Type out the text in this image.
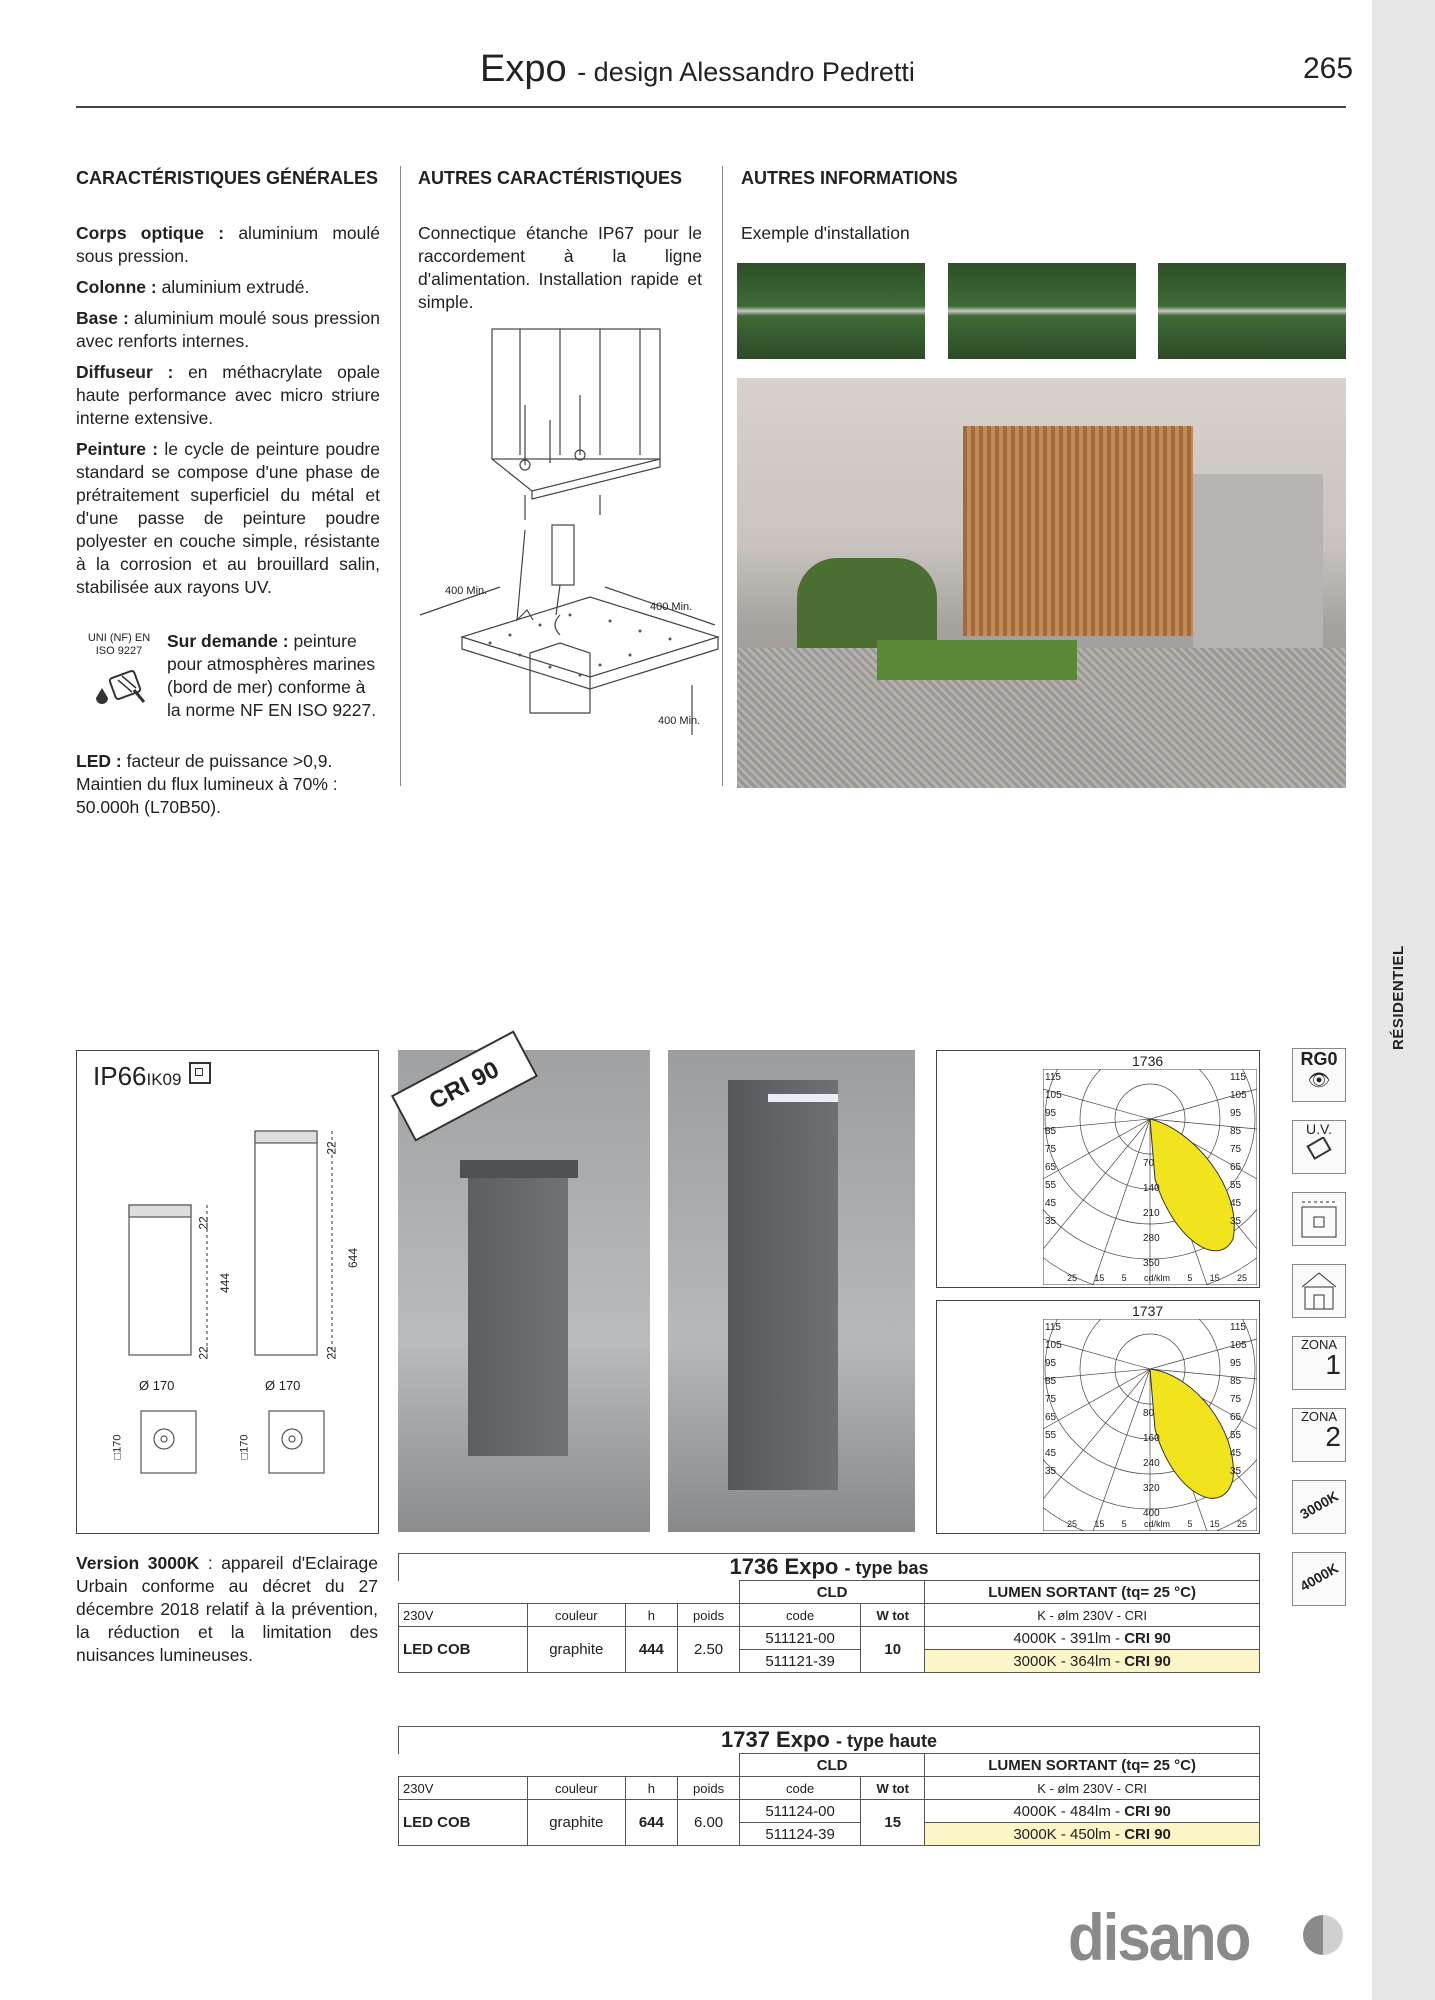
Expo - design Alessandro Pedretti	265
CARACTÉRISTIQUES GÉNÉRALES AUTRES CARACTÉRISTIQUES	AUTRES INFORMATIONS

Corps optique : aluminium moulé sous pression.

Colonne : aluminium extrudé.

Base : aluminium moulé sous pression avec renforts internes.

Diffuseur : en méthacrylate opale haute performance avec micro striure interne extensive.

Peinture : le cycle de peinture poudre standard se compose d'une phase de prétraitement superficiel du métal et d'une passe de peinture poudre polyester en couche simple, résistante à la corrosion et au brouillard salin, stabilisée aux rayons UV.

UNI (NF) EN ISO 9227	Sur demande : peinture pour atmosphères marines (bord de mer) conforme à la norme NF EN ISO 9227.
LED : facteur de puissance >0,9. Maintien du flux lumineux à 70% : 50.000h (L70B50).
Connectique étanche IP67 pour le raccordement à la ligne d'alimentation. Installation rapide et simple.
400 Min.
400 Min.
400 Min.
Exemple d'installation
IP66IK09
22
22
444
22
22
644
Ø 170	Ø 170
□170	□170
CRI 90	1736
115
105
95
85
75
65
55
45
35
115
105
95
85
75
65
55
45
35
70
140
210
280
350
25 15 5 cd/klm 5 15 25
1737
115
105
95
85
75
65
55
45
35
115
105
95
85
75
65
55
45
35
80
160
240
320
400
25 15 5 cd/klm 5 15 25
RG0
👁
U.V.
ZONA
1
ZONA
2
3000K
4000K
Version 3000K : appareil d'Eclairage Urbain conforme au décret du 27 décembre 2018 relatif à la prévention, la réduction et la limitation des nuisances lumineuses.
1736 Expo - type bas						
				CLD		LUMEN SORTANT (tq= 25 °C)
230V	couleur	h	poids	code	W tot	K - ølm 230V - CRI
LED COB	graphite	444	2.50	511121-00	10	4000K - 391lm - CRI 90
				511121-39		3000K - 364lm - CRI 90
1737 Expo - type haute						
				CLD		LUMEN SORTANT (tq= 25 °C)
230V	couleur	h	poids	code	W tot	K - ølm 230V - CRI
LED COB	graphite	644	6.00	511124-00	15	4000K - 484lm - CRI 90
				511124-39		3000K - 450lm - CRI 90
disano
